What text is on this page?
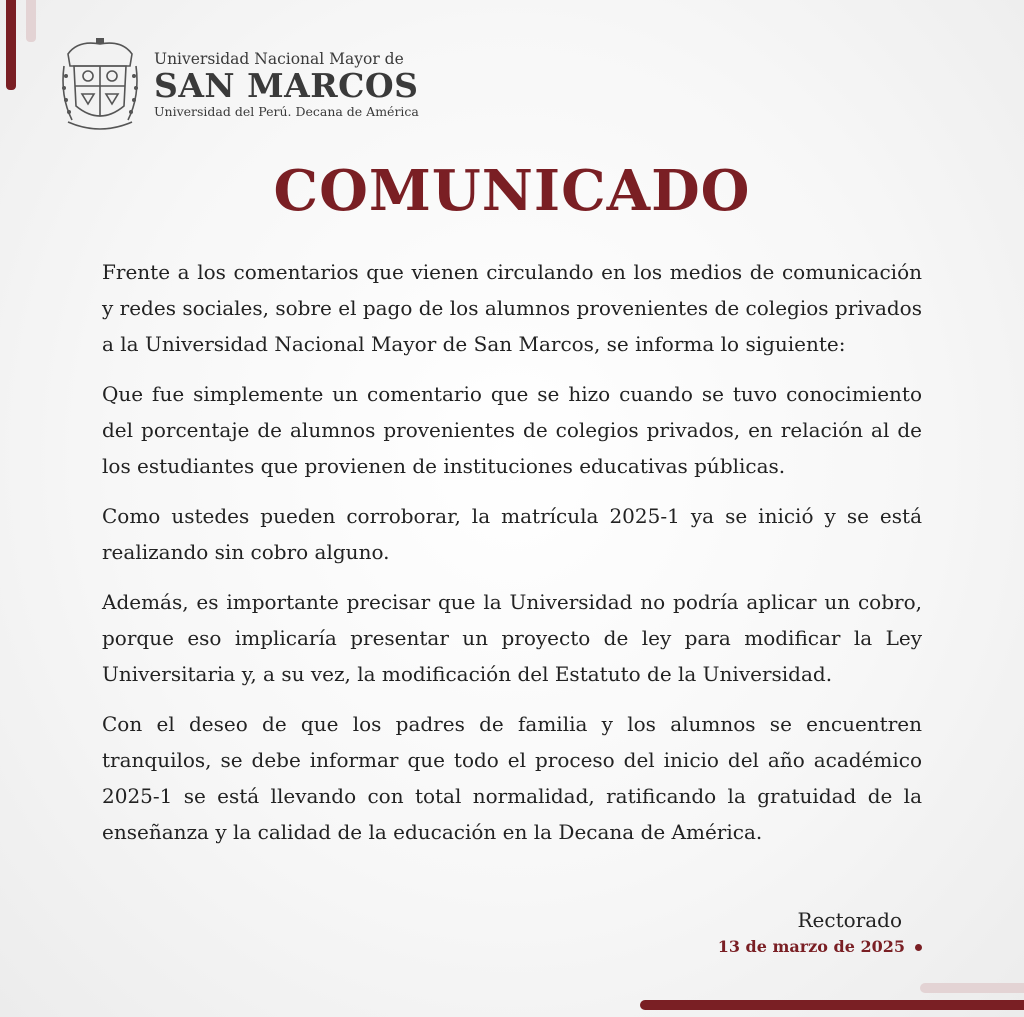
Universidad Nacional Mayor de
SAN MARCOS
Universidad del Perú. Decana de América
COMUNICADO

Frente a los comentarios que vienen circulando en los medios de comunicación y redes sociales, sobre el pago de los alumnos provenientes de colegios privados a la Universidad Nacional Mayor de San Marcos, se informa lo siguiente:

Que fue simplemente un comentario que se hizo cuando se tuvo conocimiento del porcentaje de alumnos provenientes de colegios privados, en relación al de los estudiantes que provienen de instituciones educativas públicas.

Como ustedes pueden corroborar, la matrícula 2025-1 ya se inició y se está realizando sin cobro alguno.

Además, es importante precisar que la Universidad no podría aplicar un cobro, porque eso implicaría presentar un proyecto de ley para modificar la Ley Universitaria y, a su vez, la modificación del Estatuto de la Universidad.

Con el deseo de que los padres de familia y los alumnos se encuentren tranquilos, se debe informar que todo el proceso del inicio del año académico 2025-1 se está llevando con total normalidad, ratificando la gratuidad de la enseñanza y la calidad de la educación en la Decana de América.

Rectorado
13 de marzo de 2025
